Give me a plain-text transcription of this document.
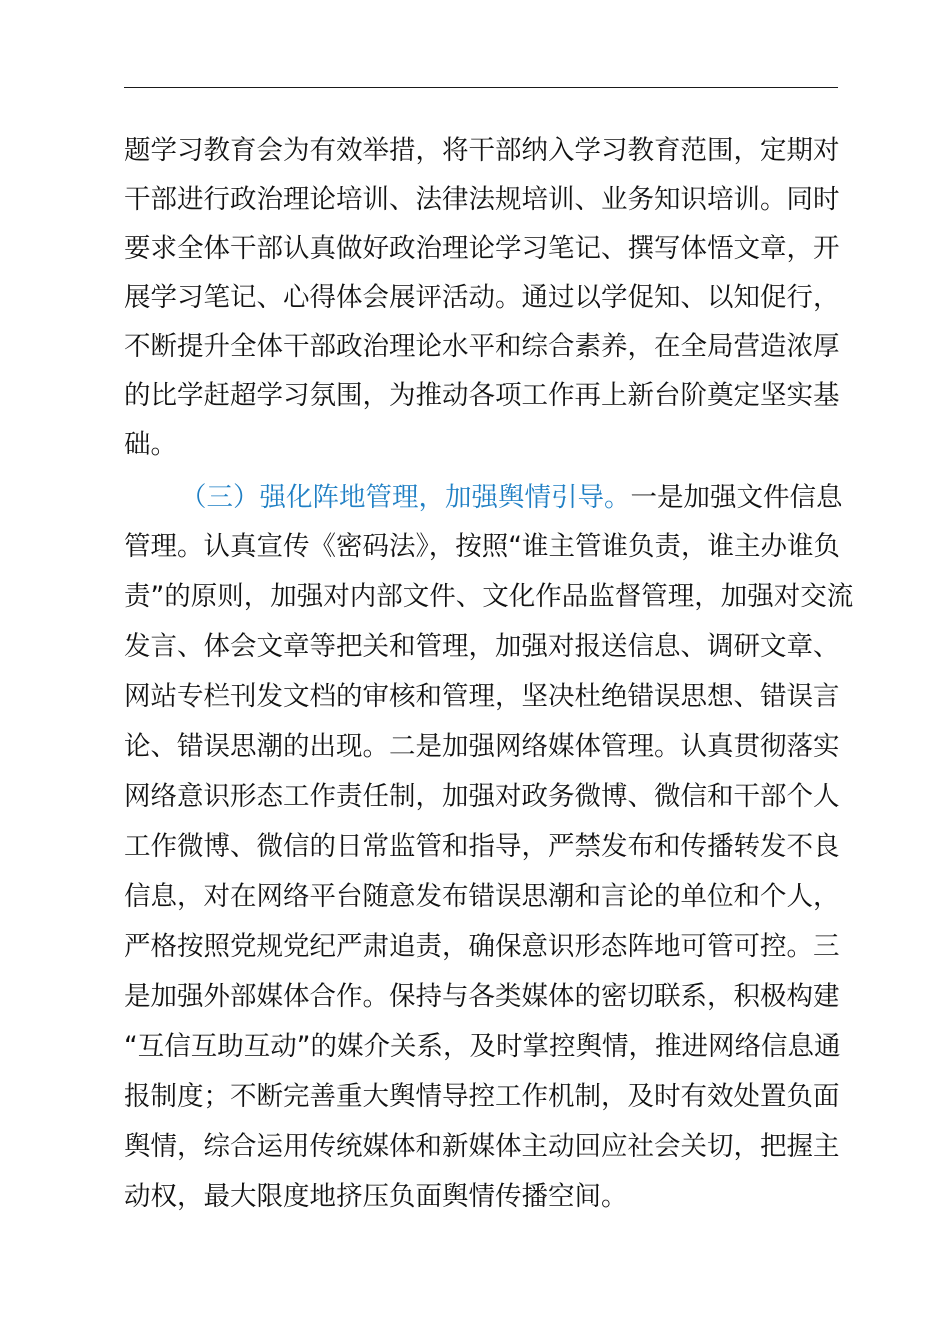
题学习教育会为有效举措，将干部纳入学习教育范围，定期对
干部进行政治理论培训、法律法规培训、业务知识培训。同时
要求全体干部认真做好政治理论学习笔记、撰写体悟文章，开
展学习笔记、心得体会展评活动。通过以学促知、以知促行，
不断提升全体干部政治理论水平和综合素养，在全局营造浓厚
的比学赶超学习氛围，为推动各项工作再上新台阶奠定坚实基
础。
（三）强化阵地管理，加强舆情引导。一是加强文件信息
管理。认真宣传《密码法》，按照“谁主管谁负责，谁主办谁负
责”的原则，加强对内部文件、文化作品监督管理，加强对交流
发言、体会文章等把关和管理，加强对报送信息、调研文章、
网站专栏刊发文档的审核和管理，坚决杜绝错误思想、错误言
论、错误思潮的出现。二是加强网络媒体管理。认真贯彻落实
网络意识形态工作责任制，加强对政务微博、微信和干部个人
工作微博、微信的日常监管和指导，严禁发布和传播转发不良
信息，对在网络平台随意发布错误思潮和言论的单位和个人，
严格按照党规党纪严肃追责，确保意识形态阵地可管可控。三
是加强外部媒体合作。保持与各类媒体的密切联系，积极构建
“互信互助互动”的媒介关系，及时掌控舆情，推进网络信息通
报制度；不断完善重大舆情导控工作机制，及时有效处置负面
舆情，综合运用传统媒体和新媒体主动回应社会关切，把握主
动权，最大限度地挤压负面舆情传播空间。
